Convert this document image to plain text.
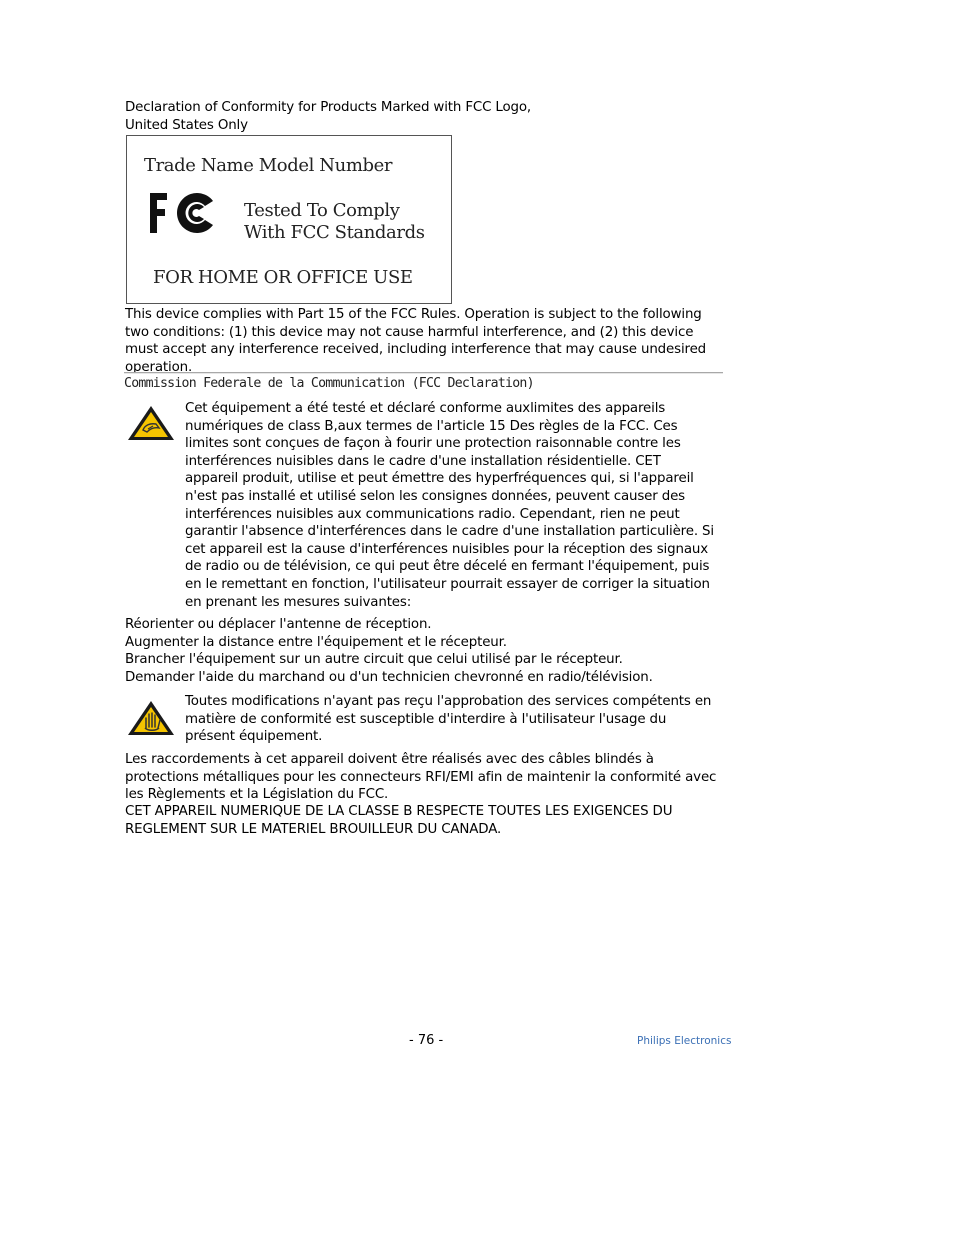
Declaration of Conformity for Products Marked with FCC Logo,
United States Only
Trade Name Model Number
Tested To Comply
With FCC Standards
FOR HOME OR OFFICE USE
This device complies with Part 15 of the FCC Rules. Operation is subject to the following two conditions: (1) this device may not cause harmful interference, and (2) this device must accept any interference received, including interference that may cause undesired operation.
Commission Federale de la Communication (FCC Declaration)
Cet équipement a été testé et déclaré conforme auxlimites des appareils numériques de class B,aux termes de l'article 15 Des règles de la FCC. Ces limites sont conçues de façon à fourir une protection raisonnable contre les interférences nuisibles dans le cadre d'une installation résidentielle. CET appareil produit, utilise et peut émettre des hyperfréquences qui, si l'appareil n'est pas installé et utilisé selon les consignes données, peuvent causer des interférences nuisibles aux communications radio. Cependant, rien ne peut garantir l'absence d'interférences dans le cadre d'une installation particulière. Si cet appareil est la cause d'interférences nuisibles pour la réception des signaux de radio ou de télévision, ce qui peut être décelé en fermant l'équipement, puis en le remettant en fonction, l'utilisateur pourrait essayer de corriger la situation en prenant les mesures suivantes:
Réorienter ou déplacer l'antenne de réception.
Augmenter la distance entre l'équipement et le récepteur.
Brancher l'équipement sur un autre circuit que celui utilisé par le récepteur.
Demander l'aide du marchand ou d'un technicien chevronné en radio/télévision.
Toutes modifications n'ayant pas reçu l'approbation des services compétents en matière de conformité est susceptible d'interdire à l'utilisateur l'usage du présent équipement.
Les raccordements à cet appareil doivent être réalisés avec des câbles blindés à protections métalliques pour les connecteurs RFI/EMI afin de maintenir la conformité avec les Règlements et la Législation du FCC.
CET APPAREIL NUMERIQUE DE LA CLASSE B RESPECTE TOUTES LES EXIGENCES DU REGLEMENT SUR LE MATERIEL BROUILLEUR DU CANADA.
- 76 -	Philips Electronics
